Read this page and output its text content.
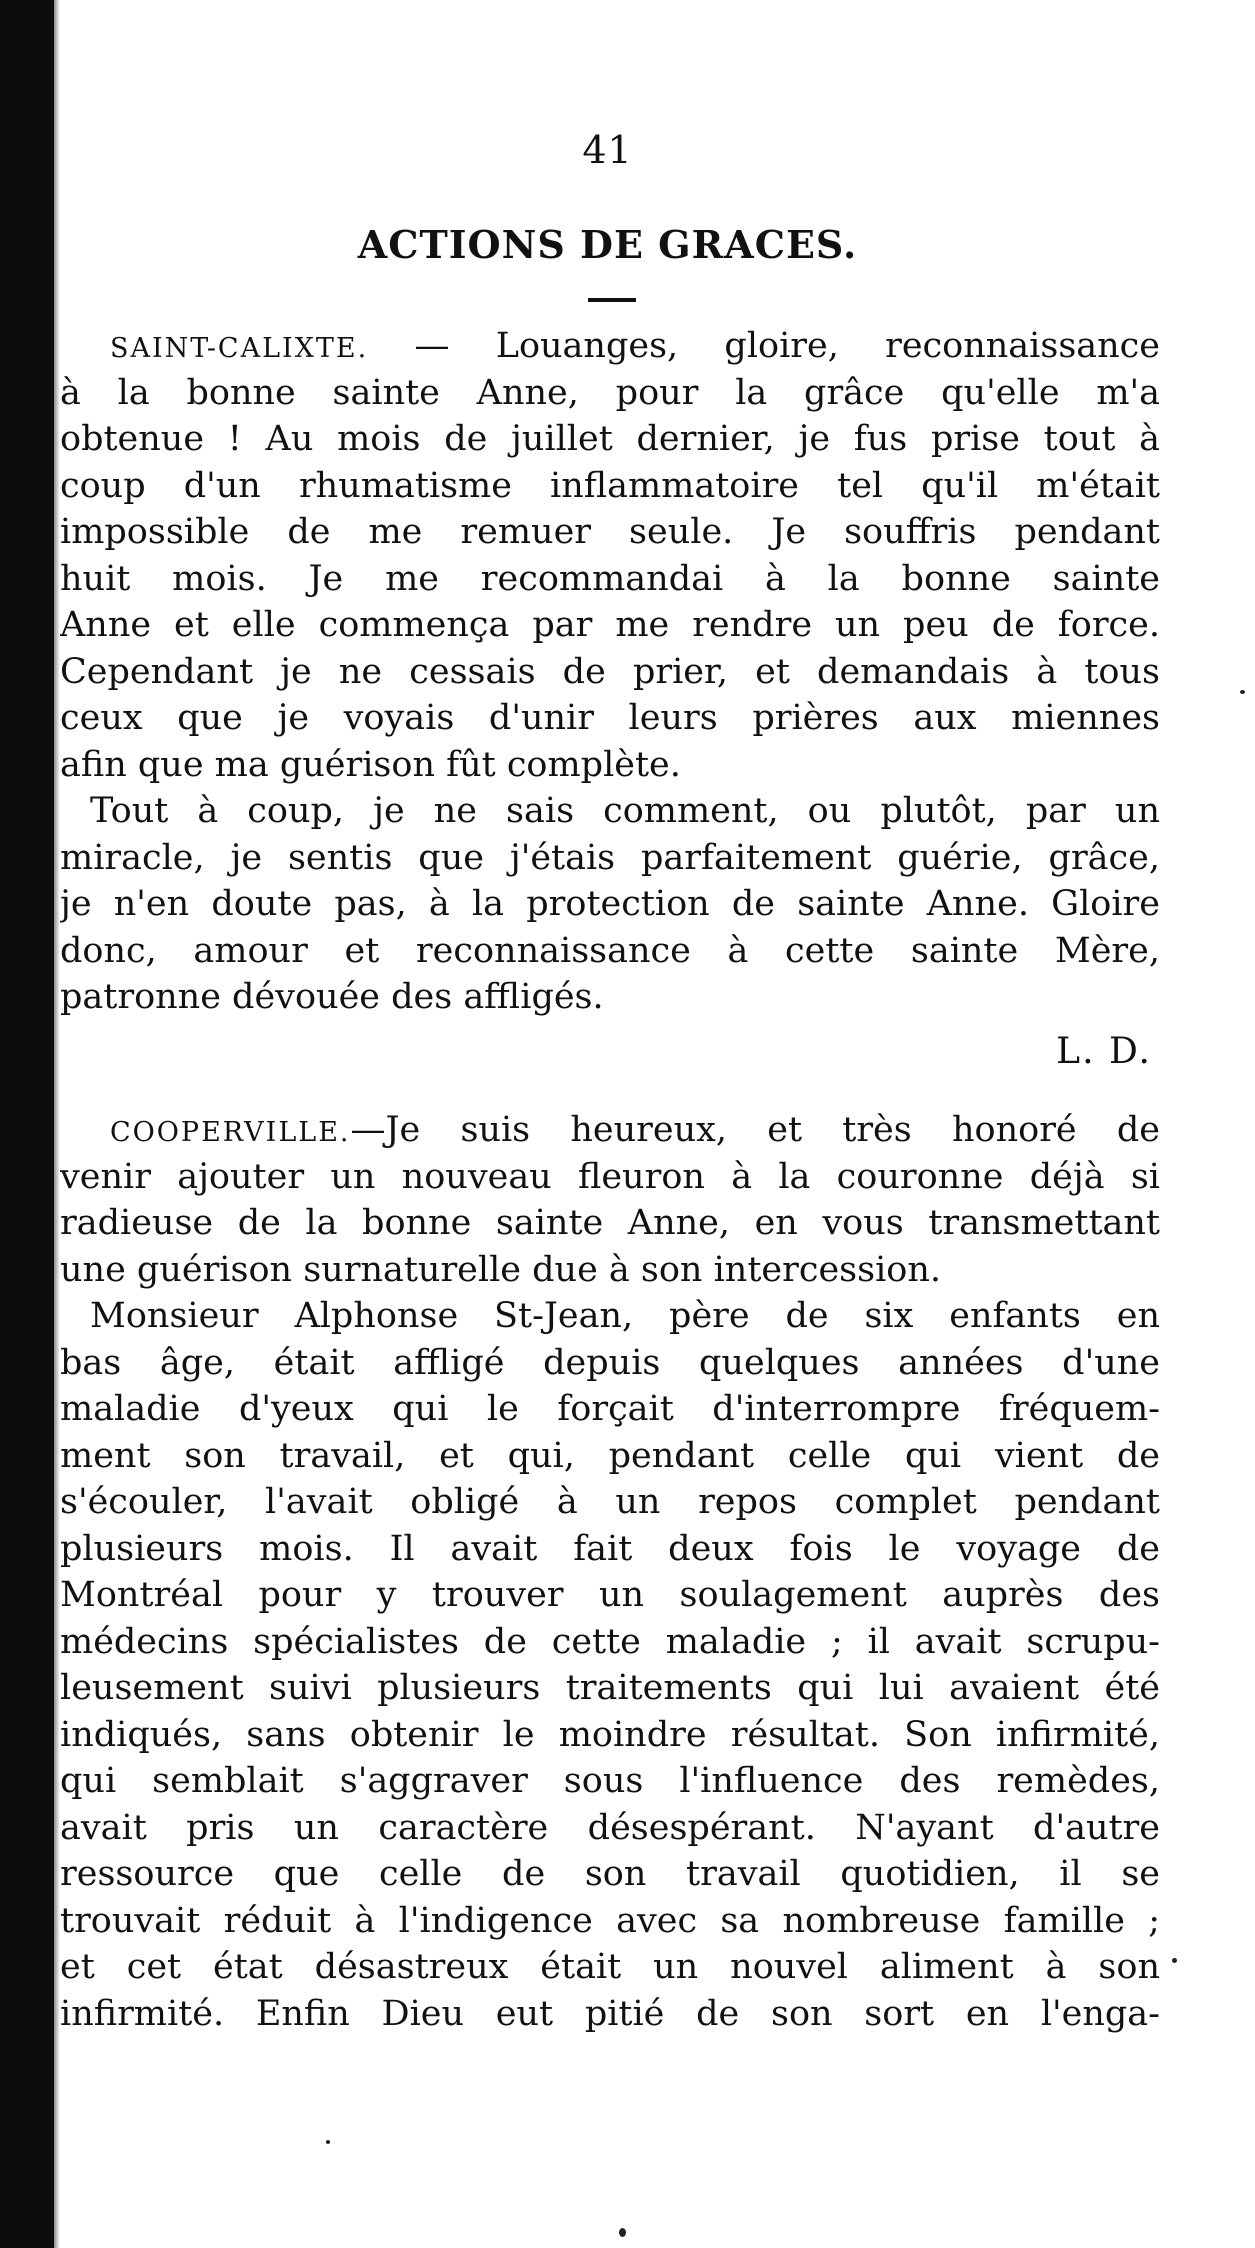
41
ACTIONS DE GRACES.
SAINT-CALIXTE. — Louanges, gloire, reconnaissance
à la bonne sainte Anne, pour la grâce qu'elle m'a
obtenue ! Au mois de juillet dernier, je fus prise tout à
coup d'un rhumatisme inflammatoire tel qu'il m'était
impossible de me remuer seule. Je souffris pendant
huit mois. Je me recommandai à la bonne sainte
Anne et elle commença par me rendre un peu de force.
Cependant je ne cessais de prier, et demandais à tous
ceux que je voyais d'unir leurs prières aux miennes
afin que ma guérison fût complète.
Tout à coup, je ne sais comment, ou plutôt, par un
miracle, je sentis que j'étais parfaitement guérie, grâce,
je n'en doute pas, à la protection de sainte Anne. Gloire
donc, amour et reconnaissance à cette sainte Mère,
patronne dévouée des affligés.
L. D.
COOPERVILLE.—Je suis heureux, et très honoré de
venir ajouter un nouveau fleuron à la couronne déjà si
radieuse de la bonne sainte Anne, en vous transmettant
une guérison surnaturelle due à son intercession.
Monsieur Alphonse St-Jean, père de six enfants en
bas âge, était affligé depuis quelques années d'une
maladie d'yeux qui le forçait d'interrompre fréquem-
ment son travail, et qui, pendant celle qui vient de
s'écouler, l'avait obligé à un repos complet pendant
plusieurs mois. Il avait fait deux fois le voyage de
Montréal pour y trouver un soulagement auprès des
médecins spécialistes de cette maladie ; il avait scrupu-
leusement suivi plusieurs traitements qui lui avaient été
indiqués, sans obtenir le moindre résultat. Son infirmité,
qui semblait s'aggraver sous l'influence des remèdes,
avait pris un caractère désespérant. N'ayant d'autre
ressource que celle de son travail quotidien, il se
trouvait réduit à l'indigence avec sa nombreuse famille ;
et cet état désastreux était un nouvel aliment à son
infirmité. Enfin Dieu eut pitié de son sort en l'enga-
